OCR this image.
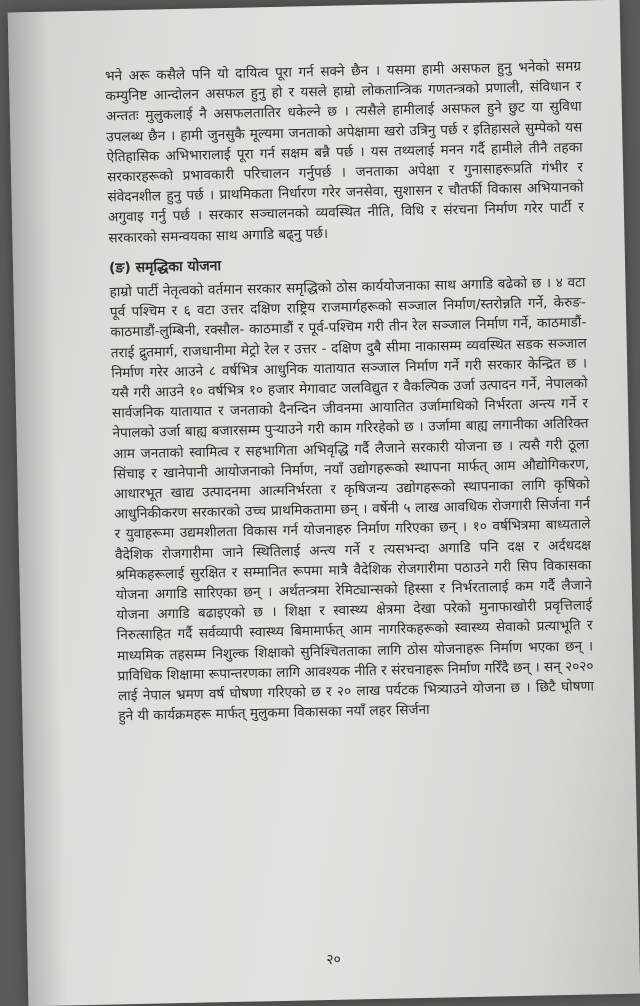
भने अरू कसैले पनि यो दायित्व पूरा गर्न सक्ने छैन । यसमा हामी असफल हुनु भनेको समग्र कम्युनिष्ट आन्दोलन असफल हुनु हो र यसले हाम्रो लोकतान्त्रिक गणतन्त्रको प्रणाली, संविधान र अन्ततः मुलुकलाई नै असफलतातिर धकेल्ने छ । त्यसैले हामीलाई असफल हुने छुट या सुविधा उपलब्ध छैन । हामी जुनसुकै मूल्यमा जनताको अपेक्षामा खरो उत्रिनु पर्छ र इतिहासले सुम्पेको यस ऐतिहासिक अभिभारालाई पूरा गर्न सक्षम बन्नै पर्छ । यस तथ्यलाई मनन गर्दै हामीले तीनै तहका सरकारहरूको प्रभावकारी परिचालन गर्नुपर्छ । जनताका अपेक्षा र गुनासाहरूप्रति गंभीर र संवेदनशील हुनु पर्छ । प्राथमिकता निर्धारण गरेर जनसेवा, सुशासन र चौतर्फी विकास अभियानको अगुवाइ गर्नु पर्छ । सरकार सञ्चालनको व्यवस्थित नीति, विधि र संरचना निर्माण गरेर पार्टी र सरकारको समन्वयका साथ अगाडि बढ्नु पर्छ।

(ङ) समृद्धिका योजना

हाम्रो पार्टी नेतृत्वको वर्तमान सरकार समृद्धिको ठोस कार्ययोजनाका साथ अगाडि बढेको छ । ४ वटा पूर्व पश्चिम र ६ वटा उत्तर दक्षिण राष्ट्रिय राजमार्गहरूको सञ्जाल निर्माण/स्तरोन्नति गर्ने, केरुङ-काठमाडौं-लुम्बिनी, रक्सौल- काठमाडौं र पूर्व-पश्चिम गरी तीन रेल सञ्जाल निर्माण गर्ने, काठमाडौं-तराई द्रुतमार्ग, राजधानीमा मेट्रो रेल र उत्तर - दक्षिण दुबै सीमा नाकासम्म व्यवस्थित सडक सञ्जाल निर्माण गरेर आउने ८ वर्षभित्र आधुनिक यातायात सञ्जाल निर्माण गर्ने गरी सरकार केन्द्रित छ । यसै गरी आउने १० वर्षभित्र १० हजार मेगावाट जलविद्युत र वैकल्पिक उर्जा उत्पादन गर्ने, नेपालको सार्वजनिक यातायात र जनताको दैनन्दिन जीवनमा आयातित उर्जामाथिको निर्भरता अन्त्य गर्ने र नेपालको उर्जा बाह्य बजारसम्म पुऱ्याउने गरी काम गरिरहेको छ । उर्जामा बाह्य लगानीका अतिरिक्त आम जनताको स्वामित्व र सहभागिता अभिवृद्धि गर्दै लैजाने सरकारी योजना छ । त्यसै गरी ठूला सिंचाइ र खानेपानी आयोजनाको निर्माण, नयाँ उद्योगहरूको स्थापना मार्फत् आम औद्योगिकरण, आधारभूत खाद्य उत्पादनमा आत्मनिर्भरता र कृषिजन्य उद्योगहरूको स्थापनाका लागि कृषिको आधुनिकीकरण सरकारको उच्च प्राथमिकतामा छन् । वर्षेनी ५ लाख आवधिक रोजगारी सिर्जना गर्न र युवाहरूमा उद्यमशीलता विकास गर्न योजनाहरु निर्माण गरिएका छन् । १० वर्षभित्रमा बाध्यताले वैदेशिक रोजगारीमा जाने स्थितिलाई अन्त्य गर्ने र त्यसभन्दा अगाडि पनि दक्ष र अर्दधदक्ष श्रमिकहरूलाई सुरक्षित र सम्मानित रूपमा मात्रै वैदेशिक रोजगारीमा पठाउने गरी सिप विकासका योजना अगाडि सारिएका छन् । अर्थतन्त्रमा रेमिट्यान्सको हिस्सा र निर्भरतालाई कम गर्दै लैजाने योजना अगाडि बढाइएको छ । शिक्षा र स्वास्थ्य क्षेत्रमा देखा परेको मुनाफाखोरी प्रवृत्तिलाई निरुत्साहित गर्दै सर्वव्यापी स्वास्थ्य बिमामार्फत् आम नागरिकहरूको स्वास्थ्य सेवाको प्रत्याभूति र माध्यमिक तहसम्म निशुल्क शिक्षाको सुनिश्चितताका लागि ठोस योजनाहरू निर्माण भएका छन् । प्राविधिक शिक्षामा रूपान्तरणका लागि आवश्यक नीति र संरचनाहरू निर्माण गरिँदै छन् । सन् २०२० लाई नेपाल भ्रमण वर्ष घोषणा गरिएको छ र २० लाख पर्यटक भित्र्याउने योजना छ । छिटै घोषणा हुने यी कार्यक्रमहरू मार्फत् मुलुकमा विकासका नयाँ लहर सिर्जना

२०
